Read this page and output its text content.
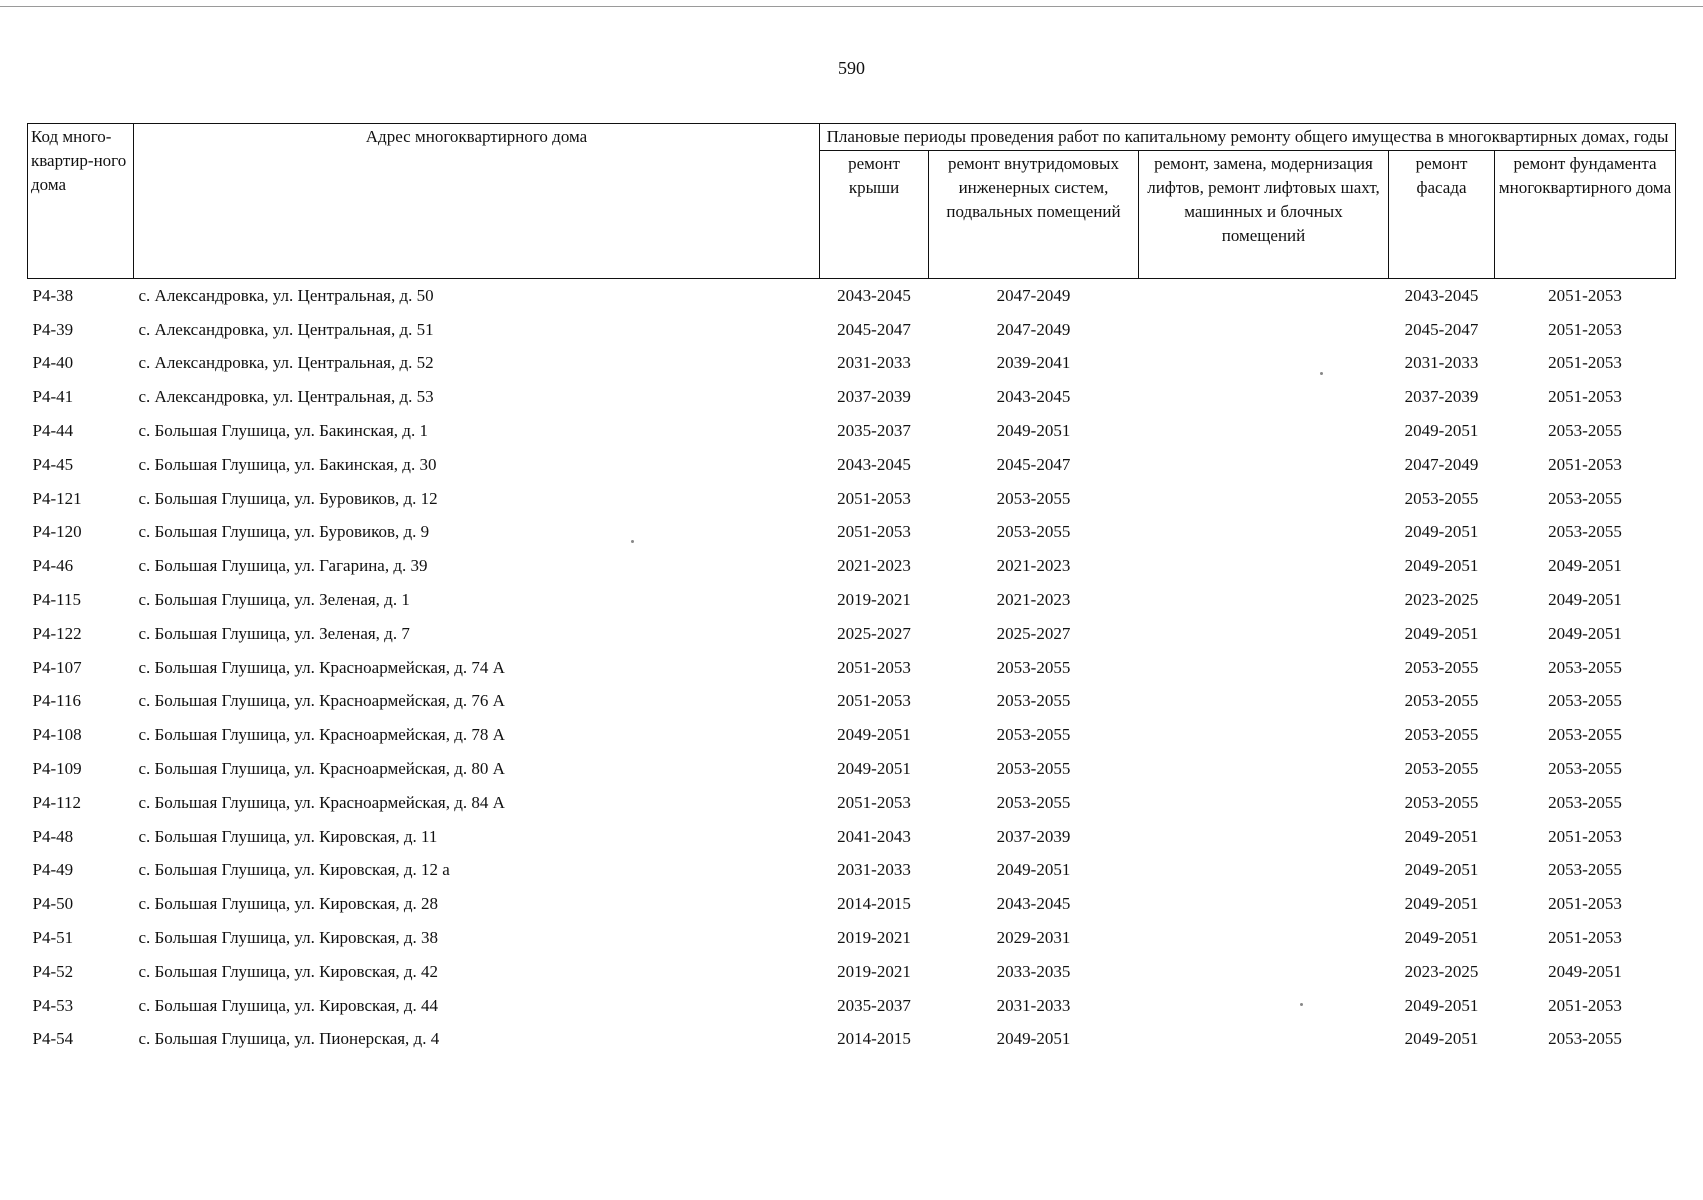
590
Код много-квартир-ного дома	Адрес многоквартирного дома	Плановые периоды проведения работ по капитальному ремонту общего имущества в многоквартирных домах, годы				
		ремонт крыши	ремонт внутридомовых инженерных систем, подвальных помещений	ремонт, замена, модернизация лифтов, ремонт лифтовых шахт, машинных и блочных помещений	ремонт фасада	ремонт фундамента многоквартирного дома
Р4-38	с. Александровка, ул. Центральная, д. 50	2043-2045	2047-2049		2043-2045	2051-2053
Р4-39	с. Александровка, ул. Центральная, д. 51	2045-2047	2047-2049		2045-2047	2051-2053
Р4-40	с. Александровка, ул. Центральная, д. 52	2031-2033	2039-2041		2031-2033	2051-2053
Р4-41	с. Александровка, ул. Центральная, д. 53	2037-2039	2043-2045		2037-2039	2051-2053
Р4-44	с. Большая Глушица, ул. Бакинская, д. 1	2035-2037	2049-2051		2049-2051	2053-2055
Р4-45	с. Большая Глушица, ул. Бакинская, д. 30	2043-2045	2045-2047		2047-2049	2051-2053
Р4-121	с. Большая Глушица, ул. Буровиков, д. 12	2051-2053	2053-2055		2053-2055	2053-2055
Р4-120	с. Большая Глушица, ул. Буровиков, д. 9	2051-2053	2053-2055		2049-2051	2053-2055
Р4-46	с. Большая Глушица, ул. Гагарина, д. 39	2021-2023	2021-2023		2049-2051	2049-2051
Р4-115	с. Большая Глушица, ул. Зеленая, д. 1	2019-2021	2021-2023		2023-2025	2049-2051
Р4-122	с. Большая Глушица, ул. Зеленая, д. 7	2025-2027	2025-2027		2049-2051	2049-2051
Р4-107	с. Большая Глушица, ул. Красноармейская, д. 74 А	2051-2053	2053-2055		2053-2055	2053-2055
Р4-116	с. Большая Глушица, ул. Красноармейская, д. 76 А	2051-2053	2053-2055		2053-2055	2053-2055
Р4-108	с. Большая Глушица, ул. Красноармейская, д. 78 А	2049-2051	2053-2055		2053-2055	2053-2055
Р4-109	с. Большая Глушица, ул. Красноармейская, д. 80 А	2049-2051	2053-2055		2053-2055	2053-2055
Р4-112	с. Большая Глушица, ул. Красноармейская, д. 84 А	2051-2053	2053-2055		2053-2055	2053-2055
Р4-48	с. Большая Глушица, ул. Кировская, д. 11	2041-2043	2037-2039		2049-2051	2051-2053
Р4-49	с. Большая Глушица, ул. Кировская, д. 12 а	2031-2033	2049-2051		2049-2051	2053-2055
Р4-50	с. Большая Глушица, ул. Кировская, д. 28	2014-2015	2043-2045		2049-2051	2051-2053
Р4-51	с. Большая Глушица, ул. Кировская, д. 38	2019-2021	2029-2031		2049-2051	2051-2053
Р4-52	с. Большая Глушица, ул. Кировская, д. 42	2019-2021	2033-2035		2023-2025	2049-2051
Р4-53	с. Большая Глушица, ул. Кировская, д. 44	2035-2037	2031-2033		2049-2051	2051-2053
Р4-54	с. Большая Глушица, ул. Пионерская, д. 4	2014-2015	2049-2051		2049-2051	2053-2055
